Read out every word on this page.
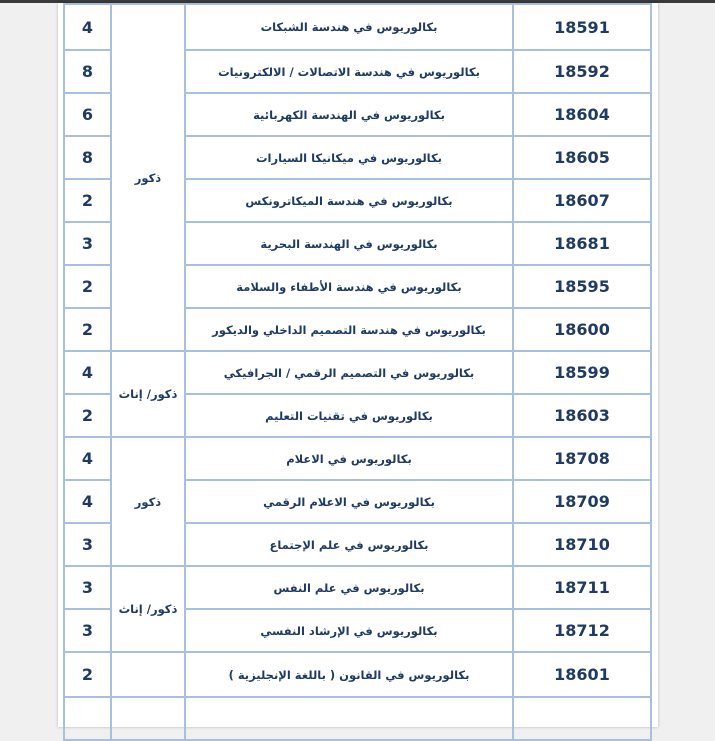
4	ذكور	بكالوريوس في هندسة الشبكات	18591
8		بكالوريوس في هندسة الاتصالات / الالكترونيات	18592
6		بكالوريوس في الهندسة الكهربائية	18604
8		بكالوريوس في ميكانيكا السيارات	18605
2		بكالوريوس في هندسة الميكاترونكس	18607
3		بكالوريوس في الهندسة البحرية	18681
2		بكالوريوس في هندسة الأطفاء والسلامة	18595
2		بكالوريوس في هندسة التصميم الداخلي والديكور	18600
4	ذكور/ إناث	بكالوريوس في التصميم الرقمي / الجرافيكي	18599
2		بكالوريوس في تقنيات التعليم	18603
4	ذكور	بكالوريوس في الاعلام	18708
4		بكالوريوس في الاعلام الرقمي	18709
3		بكالوريوس في علم الإجتماع	18710
3	ذكور/ إناث	بكالوريوس في علم النفس	18711
3		بكالوريوس في الإرشاد النفسي	18712
2		بكالوريوس في القانون ( باللغة الإنجليزية )	18601
